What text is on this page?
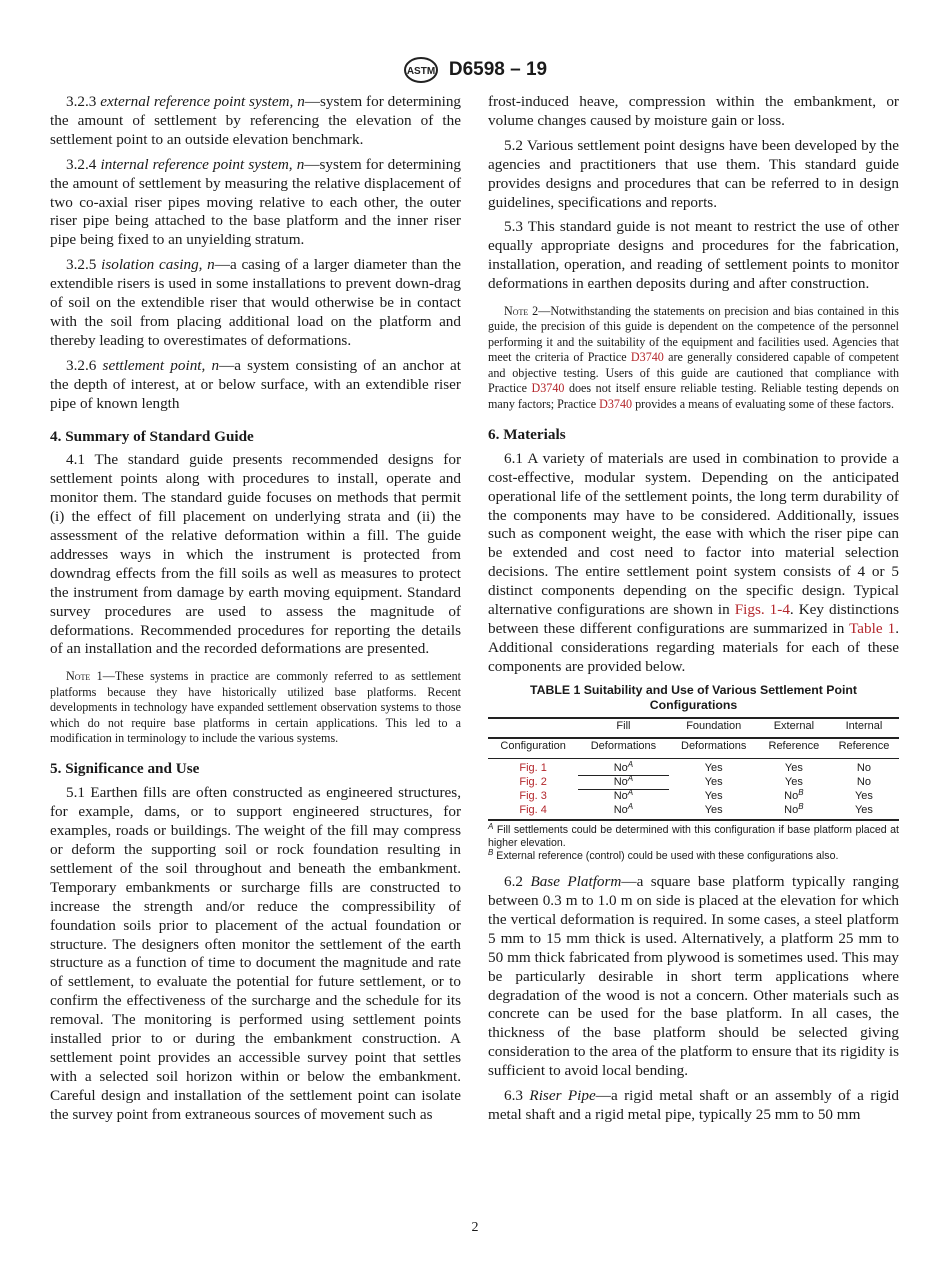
ASTM D6598 – 19
3.2.3 external reference point system, n—system for determining the amount of settlement by referencing the elevation of the settlement point to an outside elevation benchmark.
3.2.4 internal reference point system, n—system for determining the amount of settlement by measuring the relative displacement of two co-axial riser pipes moving relative to each other, the outer riser pipe being attached to the base platform and the inner riser pipe being fixed to an unyielding stratum.
3.2.5 isolation casing, n—a casing of a larger diameter than the extendible risers is used in some installations to prevent down-drag of soil on the extendible riser that would otherwise be in contact with the soil from placing additional load on the platform and thereby leading to overestimates of deformations.
3.2.6 settlement point, n—a system consisting of an anchor at the depth of interest, at or below surface, with an extendible riser pipe of known length
4. Summary of Standard Guide
4.1 The standard guide presents recommended designs for settlement points along with procedures to install, operate and monitor them. The standard guide focuses on methods that permit (i) the effect of fill placement on underlying strata and (ii) the assessment of the relative deformation within a fill. The guide addresses ways in which the instrument is protected from downdrag effects from the fill soils as well as measures to protect the instrument from damage by earth moving equipment. Standard survey procedures are used to assess the magnitude of deformations. Recommended procedures for reporting the details of an installation and the recorded deformations are presented.
Note 1—These systems in practice are commonly referred to as settlement platforms because they have historically utilized base platforms. Recent developments in technology have expanded settlement observation systems to those which do not require base platforms in certain applications. This led to a modification in terminology to include the various systems.
5. Significance and Use
5.1 Earthen fills are often constructed as engineered structures, for example, dams, or to support engineered structures, for examples, roads or buildings. The weight of the fill may compress or deform the supporting soil or rock foundation resulting in settlement of the soil throughout and beneath the embankment. Temporary embankments or surcharge fills are constructed to increase the strength and/or reduce the compressibility of foundation soils prior to placement of the actual foundation or structure. The designers often monitor the settlement of the earth structure as a function of time to document the magnitude and rate of settlement, to evaluate the potential for future settlement, or to confirm the effectiveness of the surcharge and the schedule for its removal. The monitoring is performed using settlement points installed prior to or during the embankment construction. A settlement point provides an accessible survey point that settles with a selected soil horizon within or below the embankment. Careful design and installation of the settlement point can isolate the survey point from extraneous sources of movement such as
frost-induced heave, compression within the embankment, or volume changes caused by moisture gain or loss.
5.2 Various settlement point designs have been developed by the agencies and practitioners that use them. This standard guide provides designs and procedures that can be referred to in design guidelines, specifications and reports.
5.3 This standard guide is not meant to restrict the use of other equally appropriate designs and procedures for the fabrication, installation, operation, and reading of settlement points to monitor deformations in earthen deposits during and after construction.
Note 2—Notwithstanding the statements on precision and bias contained in this guide, the precision of this guide is dependent on the competence of the personnel performing it and the suitability of the equipment and facilities used. Agencies that meet the criteria of Practice D3740 are generally considered capable of competent and objective testing. Users of this guide are cautioned that compliance with Practice D3740 does not itself ensure reliable testing. Reliable testing depends on many factors; Practice D3740 provides a means of evaluating some of these factors.
6. Materials
6.1 A variety of materials are used in combination to provide a cost-effective, modular system. Depending on the anticipated operational life of the settlement points, the long term durability of the components may have to be considered. Additionally, issues such as component weight, the ease with which the riser pipe can be extended and cost need to factor into material selection decisions. The entire settlement point system consists of 4 or 5 distinct components depending on the specific design. Typical alternative configurations are shown in Figs. 1-4. Key distinctions between these different configurations are summarized in Table 1. Additional considerations regarding materials for each of these components are provided below.
TABLE 1 Suitability and Use of Various Settlement Point Configurations
	Fill	Foundation	External	Internal
Configuration	Deformations	Deformations	Reference	Reference
Fig. 1	$No^A$	Yes	Yes	No
Fig. 2	$No^A$	Yes	Yes	No
Fig. 3	$No^A$	Yes	$No^B$	Yes
Fig. 4	$No^A$	Yes	$No^B$	Yes
$^A$ Fill settlements could be determined with this configuration if base platform placed at higher elevation.
$^B$ External reference (control) could be used with these configurations also.
6.2 Base Platform—a square base platform typically ranging between 0.3 m to 1.0 m on side is placed at the elevation for which the vertical deformation is required. In some cases, a steel platform 5 mm to 15 mm thick is used. Alternatively, a platform 25 mm to 50 mm thick fabricated from plywood is sometimes used. This may be particularly desirable in short term applications where degradation of the wood is not a concern. Other materials such as concrete can be used for the base platform. In all cases, the thickness of the base platform should be selected giving consideration to the area of the platform to ensure that its rigidity is sufficient to avoid local bending.
6.3 Riser Pipe—a rigid metal shaft or an assembly of a rigid metal shaft and a rigid metal pipe, typically 25 mm to 50 mm
2
